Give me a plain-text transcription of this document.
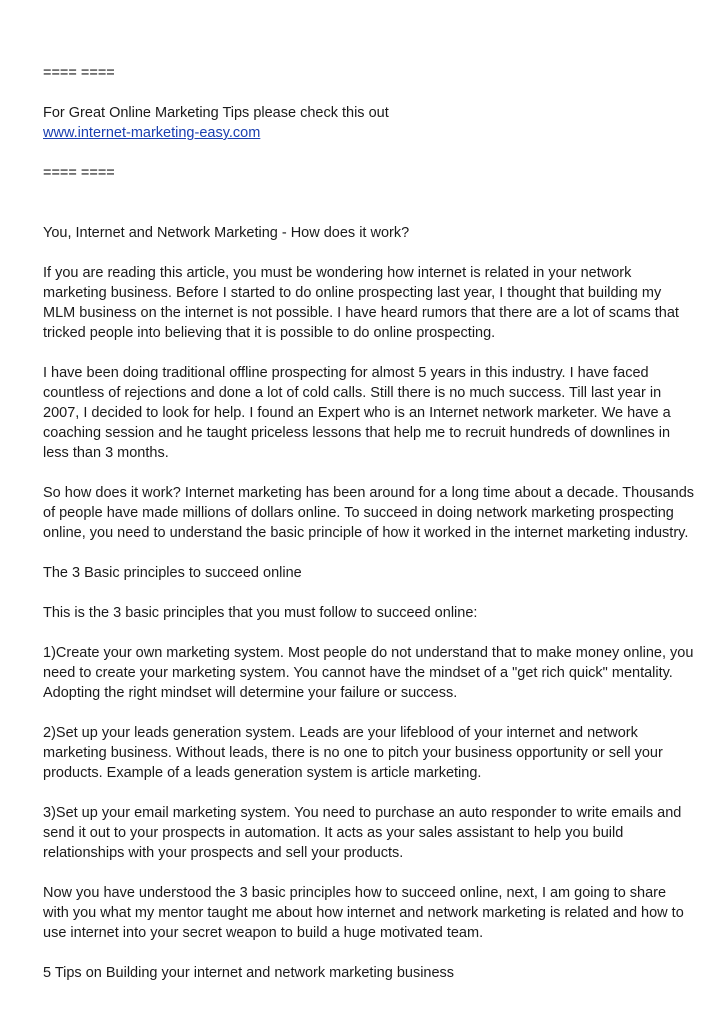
==== ====

For Great Online Marketing Tips please check this out

www.internet-marketing-easy.com

==== ====

You, Internet and Network Marketing - How does it work?

If you are reading this article, you must be wondering how internet is related in your network marketing business. Before I started to do online prospecting last year, I thought that building my MLM business on the internet is not possible. I have heard rumors that there are a lot of scams that tricked people into believing that it is possible to do online prospecting.

I have been doing traditional offline prospecting for almost 5 years in this industry. I have faced countless of rejections and done a lot of cold calls. Still there is no much success. Till last year in 2007, I decided to look for help. I found an Expert who is an Internet network marketer. We have a coaching session and he taught priceless lessons that help me to recruit hundreds of downlines in less than 3 months.

So how does it work? Internet marketing has been around for a long time about a decade. Thousands of people have made millions of dollars online. To succeed in doing network marketing prospecting online, you need to understand the basic principle of how it worked in the internet marketing industry.

The 3 Basic principles to succeed online

This is the 3 basic principles that you must follow to succeed online:

1)Create your own marketing system. Most people do not understand that to make money online, you need to create your marketing system. You cannot have the mindset of a "get rich quick" mentality. Adopting the right mindset will determine your failure or success.

2)Set up your leads generation system. Leads are your lifeblood of your internet and network marketing business. Without leads, there is no one to pitch your business opportunity or sell your products. Example of a leads generation system is article marketing.

3)Set up your email marketing system. You need to purchase an auto responder to write emails and send it out to your prospects in automation. It acts as your sales assistant to help you build relationships with your prospects and sell your products.

Now you have understood the 3 basic principles how to succeed online, next, I am going to share with you what my mentor taught me about how internet and network marketing is related and how to use internet into your secret weapon to build a huge motivated team.

5 Tips on Building your internet and network marketing business
